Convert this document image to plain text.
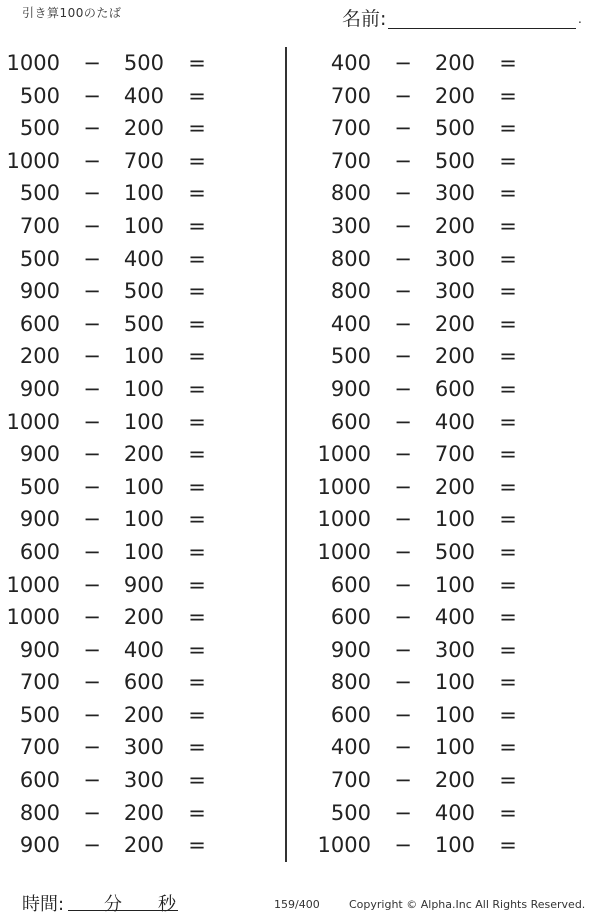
引き算100のたば	名前:	.
1000 − 500 =
500 − 400 =
500 − 200 =
1000 − 700 =
500 − 100 =
700 − 100 =
500 − 400 =
900 − 500 =
600 − 500 =
200 − 100 =
900 − 100 =
1000 − 100 =
900 − 200 =
500 − 100 =
900 − 100 =
600 − 100 =
1000 − 900 =
1000 − 200 =
900 − 400 =
700 − 600 =
500 − 200 =
700 − 300 =
600 − 300 =
800 − 200 =
900 − 200 =
400 − 200 =
700 − 200 =
700 − 500 =
700 − 500 =
800 − 300 =
300 − 200 =
800 − 300 =
800 − 300 =
400 − 200 =
500 − 200 =
900 − 600 =
600 − 400 =
1000 − 700 =
1000 − 200 =
1000 − 100 =
1000 − 500 =
600 − 100 =
600 − 400 =
900 − 300 =
800 − 100 =
600 − 100 =
400 − 100 =
700 − 200 =
500 − 400 =
1000 − 100 =
時間: 分 秒	159/400	Copyright © Alpha.Inc All Rights Reserved.
